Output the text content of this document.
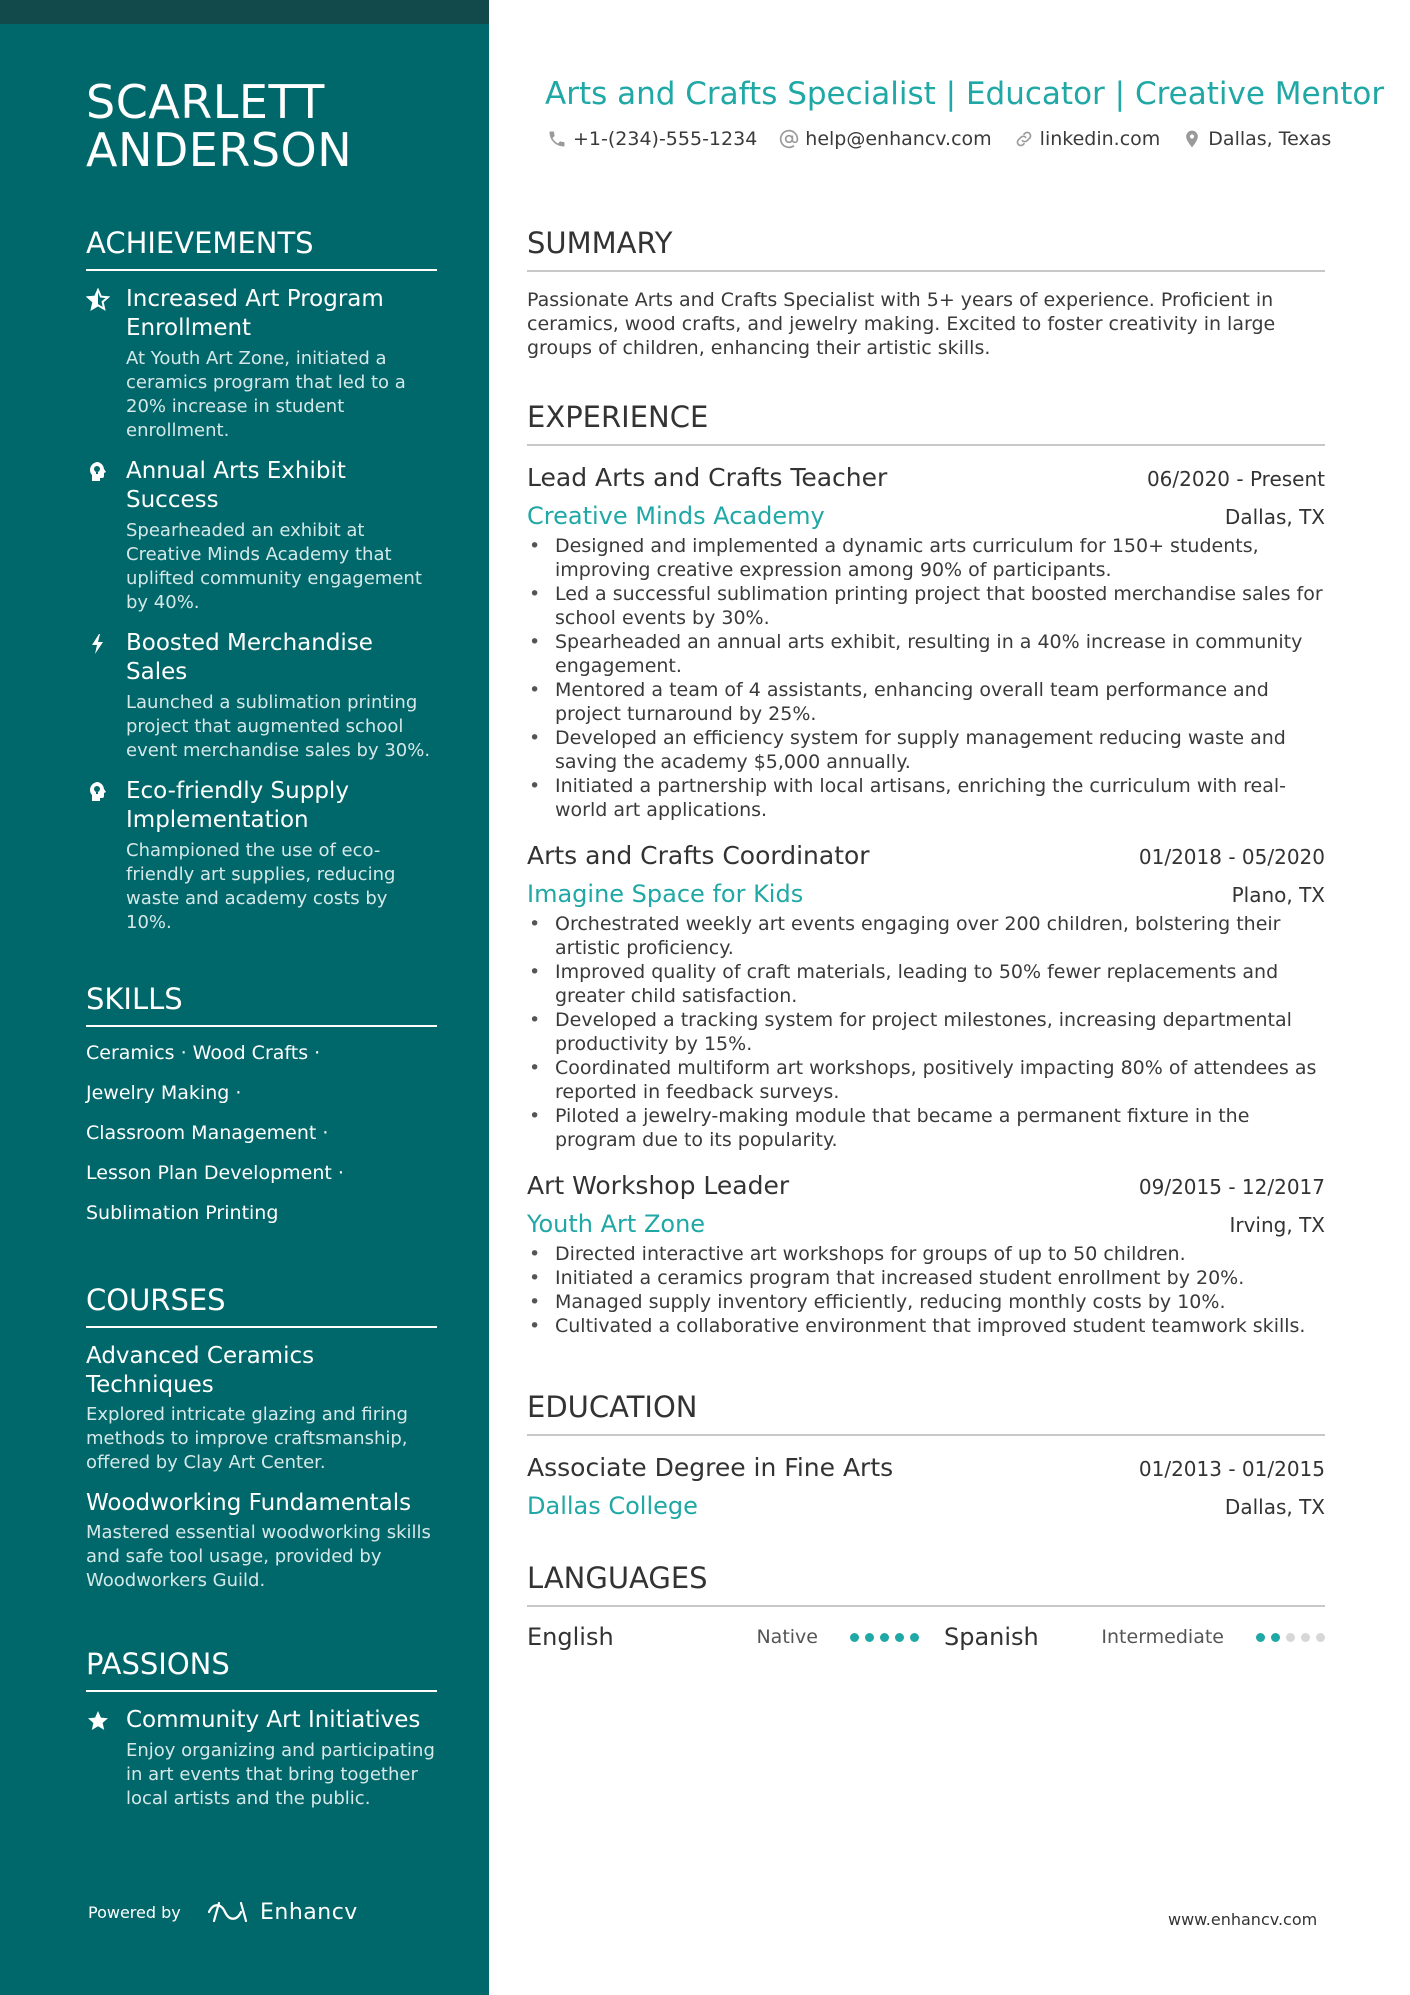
SCARLETT ANDERSON
ACHIEVEMENTS
Increased Art Program Enrollment
At Youth Art Zone, initiated a ceramics program that led to a 20% increase in student enrollment.
Annual Arts Exhibit Success
Spearheaded an exhibit at Creative Minds Academy that uplifted community engagement by 40%.
Boosted Merchandise Sales
Launched a sublimation printing project that augmented school event merchandise sales by 30%.
Eco-friendly Supply Implementation
Championed the use of eco-friendly art supplies, reducing waste and academy costs by 10%.
SKILLS
Ceramics · Wood Crafts ·
Jewelry Making ·
Classroom Management ·
Lesson Plan Development ·
Sublimation Printing
COURSES
Advanced Ceramics Techniques
Explored intricate glazing and firing methods to improve craftsmanship, offered by Clay Art Center.
Woodworking Fundamentals
Mastered essential woodworking skills and safe tool usage, provided by Woodworkers Guild.
PASSIONS
Community Art Initiatives
Enjoy organizing and participating in art events that bring together local artists and the public.
Powered by	Enhancv
Arts and Crafts Specialist | Educator | Creative Mentor
+1-(234)-555-1234	help@enhancv.com	linkedin.com	Dallas, Texas
SUMMARY
Passionate Arts and Crafts Specialist with 5+ years of experience. Proficient in ceramics, wood crafts, and jewelry making. Excited to foster creativity in large groups of children, enhancing their artistic skills.
EXPERIENCE
Lead Arts and Crafts Teacher	06/2020 - Present
Creative Minds Academy	Dallas, TX
• Designed and implemented a dynamic arts curriculum for 150+ students, improving creative expression among 90% of participants.
• Led a successful sublimation printing project that boosted merchandise sales for school events by 30%.
• Spearheaded an annual arts exhibit, resulting in a 40% increase in community engagement.
• Mentored a team of 4 assistants, enhancing overall team performance and project turnaround by 25%.
• Developed an efficiency system for supply management reducing waste and saving the academy $5,000 annually.
• Initiated a partnership with local artisans, enriching the curriculum with real-world art applications.
Arts and Crafts Coordinator	01/2018 - 05/2020
Imagine Space for Kids	Plano, TX
• Orchestrated weekly art events engaging over 200 children, bolstering their artistic proficiency.
• Improved quality of craft materials, leading to 50% fewer replacements and greater child satisfaction.
• Developed a tracking system for project milestones, increasing departmental productivity by 15%.
• Coordinated multiform art workshops, positively impacting 80% of attendees as reported in feedback surveys.
• Piloted a jewelry-making module that became a permanent fixture in the program due to its popularity.
Art Workshop Leader	09/2015 - 12/2017
Youth Art Zone	Irving, TX
• Directed interactive art workshops for groups of up to 50 children.
• Initiated a ceramics program that increased student enrollment by 20%.
• Managed supply inventory efficiently, reducing monthly costs by 10%.
• Cultivated a collaborative environment that improved student teamwork skills.
EDUCATION
Associate Degree in Fine Arts	01/2013 - 01/2015
Dallas College	Dallas, TX
LANGUAGES
English	Native	Spanish	Intermediate
www.enhancv.com
